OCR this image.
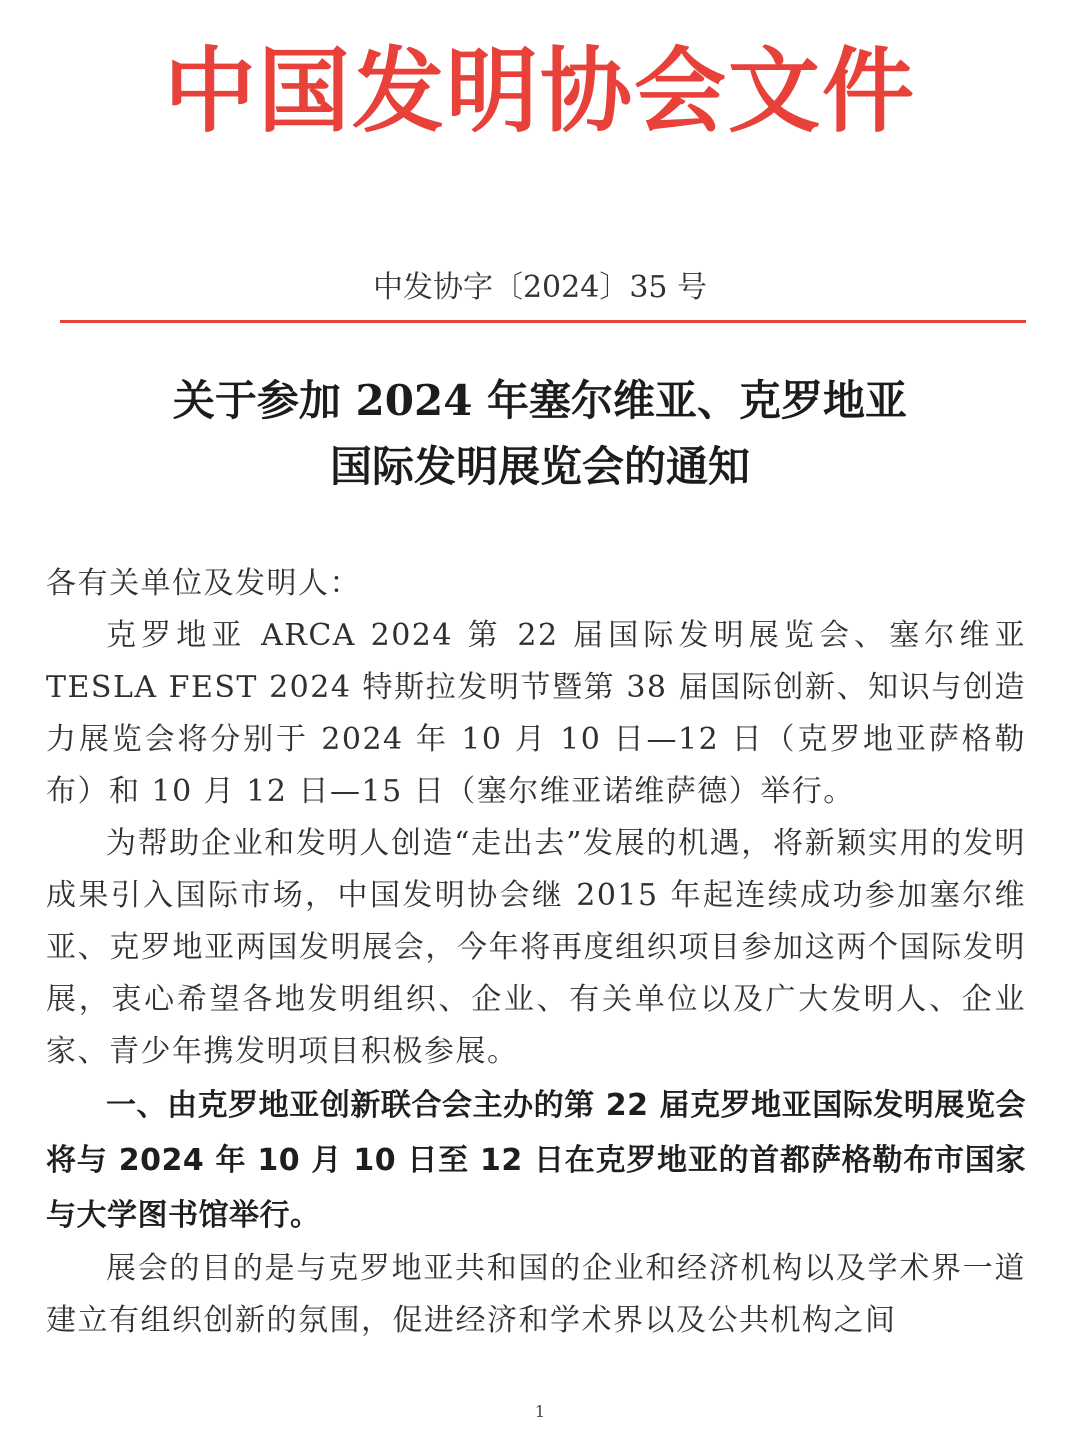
中国发明协会文件
中发协字〔2024〕35 号
关于参加 2024 年塞尔维亚、克罗地亚
国际发明展览会的通知

各有关单位及发明人：

克罗地亚 ARCA 2024 第 22 届国际发明展览会、塞尔维亚 TESLA FEST 2024 特斯拉发明节暨第 38 届国际创新、知识与创造力展览会将分别于 2024 年 10 月 10 日—12 日（克罗地亚萨格勒布）和 10 月 12 日—15 日（塞尔维亚诺维萨德）举行。

为帮助企业和发明人创造“走出去”发展的机遇，将新颖实用的发明成果引入国际市场，中国发明协会继 2015 年起连续成功参加塞尔维亚、克罗地亚两国发明展会，今年将再度组织项目参加这两个国际发明展，衷心希望各地发明组织、企业、有关单位以及广大发明人、企业家、青少年携发明项目积极参展。

一、由克罗地亚创新联合会主办的第 22 届克罗地亚国际发明展览会将与 2024 年 10 月 10 日至 12 日在克罗地亚的首都萨格勒布市国家与大学图书馆举行。

展会的目的是与克罗地亚共和国的企业和经济机构以及学术界一道建立有组织创新的氛围，促进经济和学术界以及公共机构之间

1
